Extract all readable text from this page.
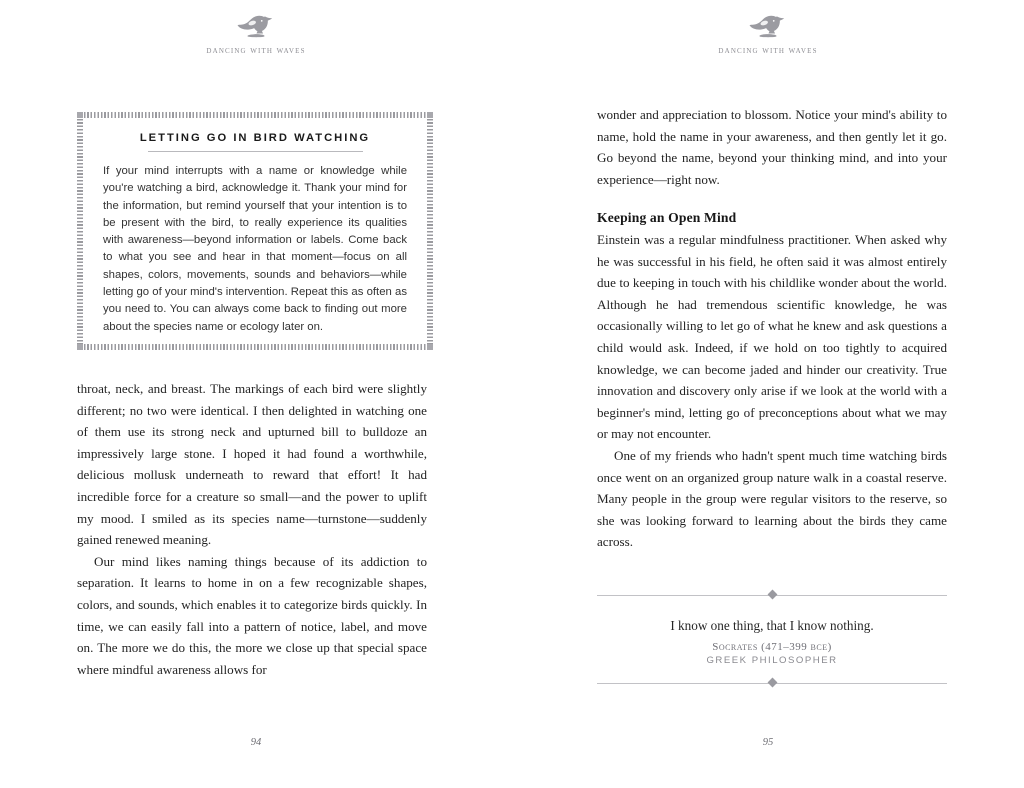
dancing with waves
LETTING GO IN BIRD WATCHING

If your mind interrupts with a name or knowledge while you're watching a bird, acknowledge it. Thank your mind for the information, but remind yourself that your intention is to be present with the bird, to really experience its qualities with awareness—beyond information or labels. Come back to what you see and hear in that moment—focus on all shapes, colors, movements, sounds and behaviors—while letting go of your mind's intervention. Repeat this as often as you need to. You can always come back to finding out more about the species name or ecology later on.

throat, neck, and breast. The markings of each bird were slightly different; no two were identical. I then delighted in watching one of them use its strong neck and upturned bill to bulldoze an impressively large stone. I hoped it had found a worthwhile, delicious mollusk underneath to reward that effort! It had incredible force for a creature so small—and the power to uplift my mood. I smiled as its species name—turnstone—suddenly gained renewed meaning.

Our mind likes naming things because of its addiction to separation. It learns to home in on a few recognizable shapes, colors, and sounds, which enables it to categorize birds quickly. In time, we can easily fall into a pattern of notice, label, and move on. The more we do this, the more we close up that special space where mindful awareness allows for

94
dancing with waves

wonder and appreciation to blossom. Notice your mind's ability to name, hold the name in your awareness, and then gently let it go. Go beyond the name, beyond your thinking mind, and into your experience—right now.

Keeping an Open Mind

Einstein was a regular mindfulness practitioner. When asked why he was successful in his field, he often said it was almost entirely due to keeping in touch with his childlike wonder about the world. Although he had tremendous scientific knowledge, he was occasionally willing to let go of what he knew and ask questions a child would ask. Indeed, if we hold on too tightly to acquired knowledge, we can become jaded and hinder our creativity. True innovation and discovery only arise if we look at the world with a beginner's mind, letting go of preconceptions about what we may or may not encounter.

One of my friends who hadn't spent much time watching birds once went on an organized group nature walk in a coastal reserve. Many people in the group were regular visitors to the reserve, so she was looking forward to learning about the birds they came across.

I know one thing, that I know nothing.

Socrates (471–399 bce)

GREEK PHILOSOPHER

95
